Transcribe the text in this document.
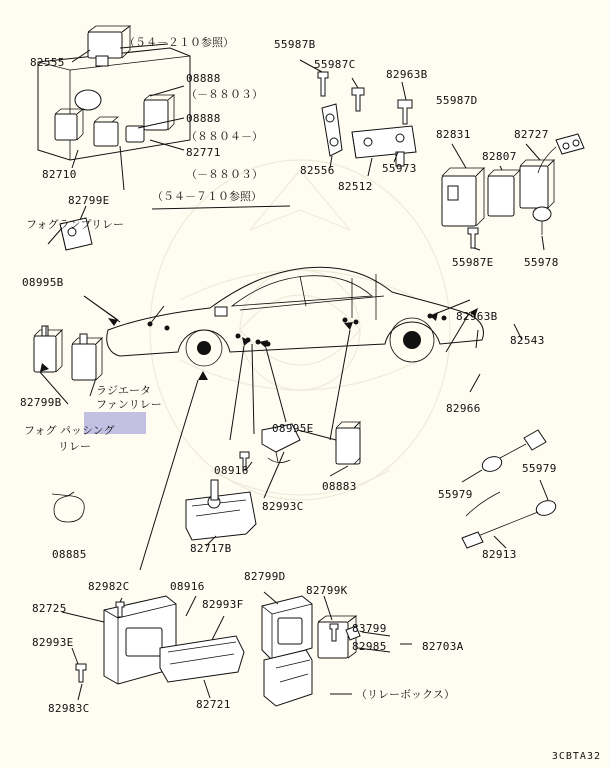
（５４－２１０参照）
（５４－７１０参照）
（－８８０３）
（８８０４－）
（－８８０３）
（リレーボックス）
フォグランプリレー
ラジエータ
ファンリレー
フォグ パッシング
リレー
82555
08888
08888
82771
82710
82799E
08995B
82799B
08885
55987B
55987C
82963B
55987D
82556	55973
82512
82831	82727
82807
55987E	55978
82963B
82543
82966
08995E
08883
08916
82993C
82717B
55979
55979
82913
82982C	08916
82799D
82799K
82725	82993F
83799
82985	82703A
82993E
82983C	82721
3CBTA32
